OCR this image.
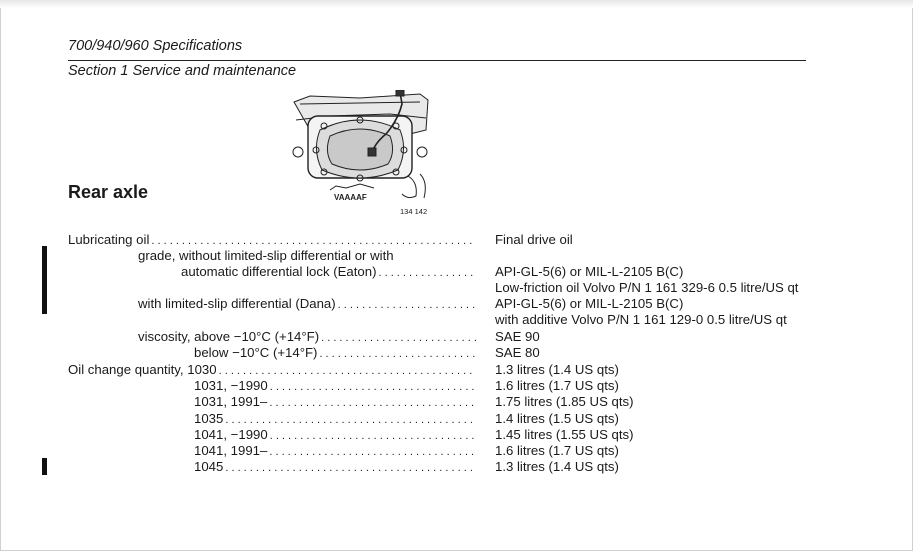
700/940/960 Specifications
Section 1 Service and maintenance
Rear axle	VAAAAF
134 142
Lubricating oil . . .	Final drive oil
grade, without limited-slip differential or with
automatic differential lock (Eaton) . . .	API-GL-5(6) or MIL-L-2105 B(C)
Low-friction oil Volvo P/N 1 161 329-6 0.5 litre/US qt
with limited-slip differential (Dana) . . .	API-GL-5(6) or MIL-L-2105 B(C)
with additive Volvo P/N 1 161 129-0 0.5 litre/US qt
viscosity, above −10°C (+14°F) . . .	SAE 90
below −10°C (+14°F) . . .	SAE 80
Oil change quantity, 1030 . . .	1.3 litres (1.4 US qts)
1031, −1990 . . .	1.6 litres (1.7 US qts)
1031, 1991– . . .	1.75 litres (1.85 US qts)
1035 . . .	1.4 litres (1.5 US qts)
1041, −1990 . . .	1.45 litres (1.55 US qts)
1041, 1991– . . .	1.6 litres (1.7 US qts)
1045 . . .	1.3 litres (1.4 US qts)
